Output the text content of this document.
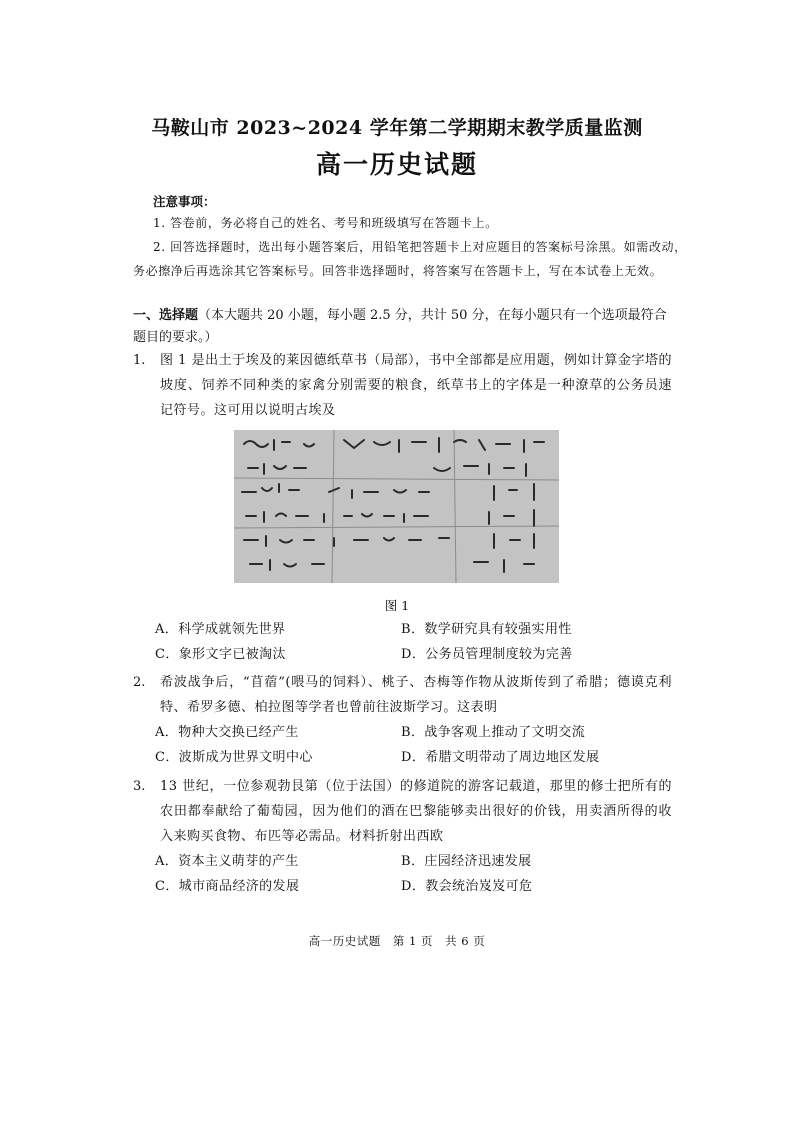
马鞍山市 2023~2024 学年第二学期期末教学质量监测
高一历史试题
注意事项：
1. 答卷前，务必将自己的姓名、考号和班级填写在答题卡上。
2. 回答选择题时，选出每小题答案后，用铅笔把答题卡上对应题目的答案标号涂黑。如需改动，
务必擦净后再选涂其它答案标号。回答非选择题时，将答案写在答题卡上，写在本试卷上无效。
一、选择题（本大题共 20 小题，每小题 2.5 分，共计 50 分，在每小题只有一个选项最符合题目的要求。）
1. 图 1 是出土于埃及的莱因德纸草书（局部），书中全部都是应用题，例如计算金字塔的坡度、饲养不同种类的家禽分别需要的粮食，纸草书上的字体是一种潦草的公务员速记符号。这可用以说明古埃及
图 1
A．科学成就领先世界	B．数学研究具有较强实用性
C．象形文字已被淘汰	D．公务员管理制度较为完善
2. 希波战争后，“苜蓿”(喂马的饲料）、桃子、杏梅等作物从波斯传到了希腊；德谟克利特、希罗多德、柏拉图等学者也曾前往波斯学习。这表明
A．物种大交换已经产生	B．战争客观上推动了文明交流
C．波斯成为世界文明中心	D．希腊文明带动了周边地区发展
3. 13 世纪，一位参观勃艮第（位于法国）的修道院的游客记载道，那里的修士把所有的农田都奉献给了葡萄园，因为他们的酒在巴黎能够卖出很好的价钱，用卖酒所得的收入来购买食物、布匹等必需品。材料折射出西欧
A．资本主义萌芽的产生	B．庄园经济迅速发展
C．城市商品经济的发展	D．教会统治岌岌可危
高一历史试题 第 1 页 共 6 页
